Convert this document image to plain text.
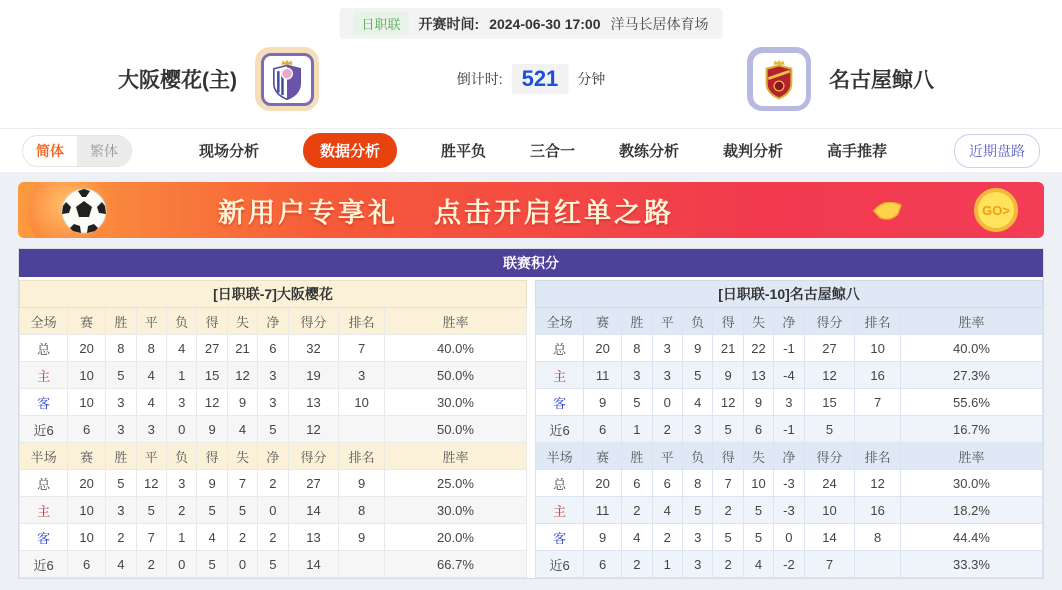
日职联	开赛时间: 2024-06-30 17:00 洋马长居体育场
大阪樱花(主)	倒计时: 521	分钟	名古屋鲸八
简体	繁体	现场分析	数据分析	胜平负	三合一	教练分析	裁判分析	高手推荐	近期盘路
新用户专享礼 点击开启红单之路	GO>
联赛积分
[日职联-7]大阪樱花										
全场	赛	胜	平	负	得	失	净	得分	排名	胜率
总	20	8	8	4	27	21	6	32	7	40.0%
主	10	5	4	1	15	12	3	19	3	50.0%
客	10	3	4	3	12	9	3	13	10	30.0%
近6	6	3	3	0	9	4	5	12		50.0%
半场	赛	胜	平	负	得	失	净	得分	排名	胜率
总	20	5	12	3	9	7	2	27	9	25.0%
主	10	3	5	2	5	5	0	14	8	30.0%
客	10	2	7	1	4	2	2	13	9	20.0%
近6	6	4	2	0	5	0	5	14		66.7%
[日职联-10]名古屋鲸八										
全场	赛	胜	平	负	得	失	净	得分	排名	胜率
总	20	8	3	9	21	22	-1	27	10	40.0%
主	11	3	3	5	9	13	-4	12	16	27.3%
客	9	5	0	4	12	9	3	15	7	55.6%
近6	6	1	2	3	5	6	-1	5		16.7%
半场	赛	胜	平	负	得	失	净	得分	排名	胜率
总	20	6	6	8	7	10	-3	24	12	30.0%
主	11	2	4	5	2	5	-3	10	16	18.2%
客	9	4	2	3	5	5	0	14	8	44.4%
近6	6	2	1	3	2	4	-2	7		33.3%
